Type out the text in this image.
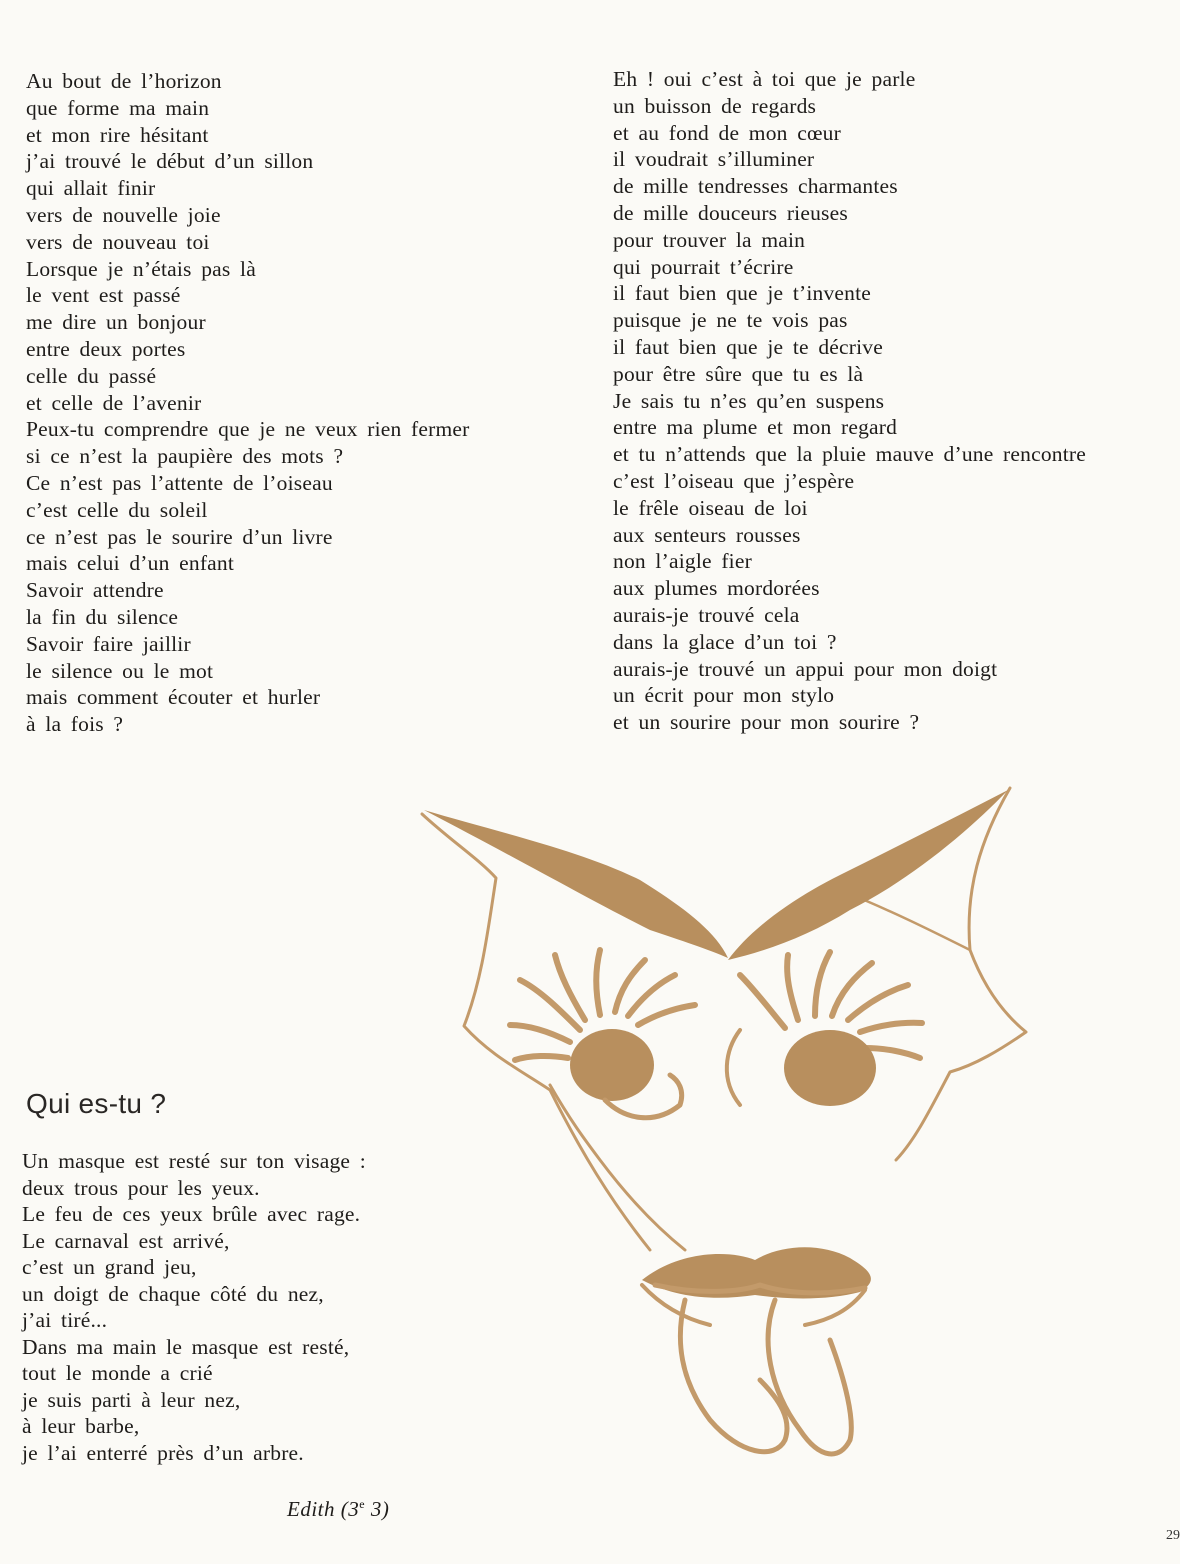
Au bout de l’horizon
que forme ma main
et mon rire hésitant
j’ai trouvé le début d’un sillon
qui allait finir
vers de nouvelle joie
vers de nouveau toi
Lorsque je n’étais pas là
le vent est passé
me dire un bonjour
entre deux portes
celle du passé
et celle de l’avenir
Peux-tu comprendre que je ne veux rien fermer
si ce n’est la paupière des mots ?
Ce n’est pas l’attente de l’oiseau
c’est celle du soleil
ce n’est pas le sourire d’un livre
mais celui d’un enfant
Savoir attendre
la fin du silence
Savoir faire jaillir
le silence ou le mot
mais comment écouter et hurler
à la fois ?
Eh ! oui c’est à toi que je parle
un buisson de regards
et au fond de mon cœur
il voudrait s’illuminer
de mille tendresses charmantes
de mille douceurs rieuses
pour trouver la main
qui pourrait t’écrire
il faut bien que je t’invente
puisque je ne te vois pas
il faut bien que je te décrive
pour être sûre que tu es là
Je sais tu n’es qu’en suspens
entre ma plume et mon regard
et tu n’attends que la pluie mauve d’une rencontre
c’est l’oiseau que j’espère
le frêle oiseau de loi
aux senteurs rousses
non l’aigle fier
aux plumes mordorées
aurais-je trouvé cela
dans la glace d’un toi ?
aurais-je trouvé un appui pour mon doigt
un écrit pour mon stylo
et un sourire pour mon sourire ?
Qui es-tu ?
Un masque est resté sur ton visage :
deux trous pour les yeux.
Le feu de ces yeux brûle avec rage.
Le carnaval est arrivé,
c’est un grand jeu,
un doigt de chaque côté du nez,
j’ai tiré...
Dans ma main le masque est resté,
tout le monde a crié
je suis parti à leur nez,
à leur barbe,
je l’ai enterré près d’un arbre.
Edith (3e 3)
29
